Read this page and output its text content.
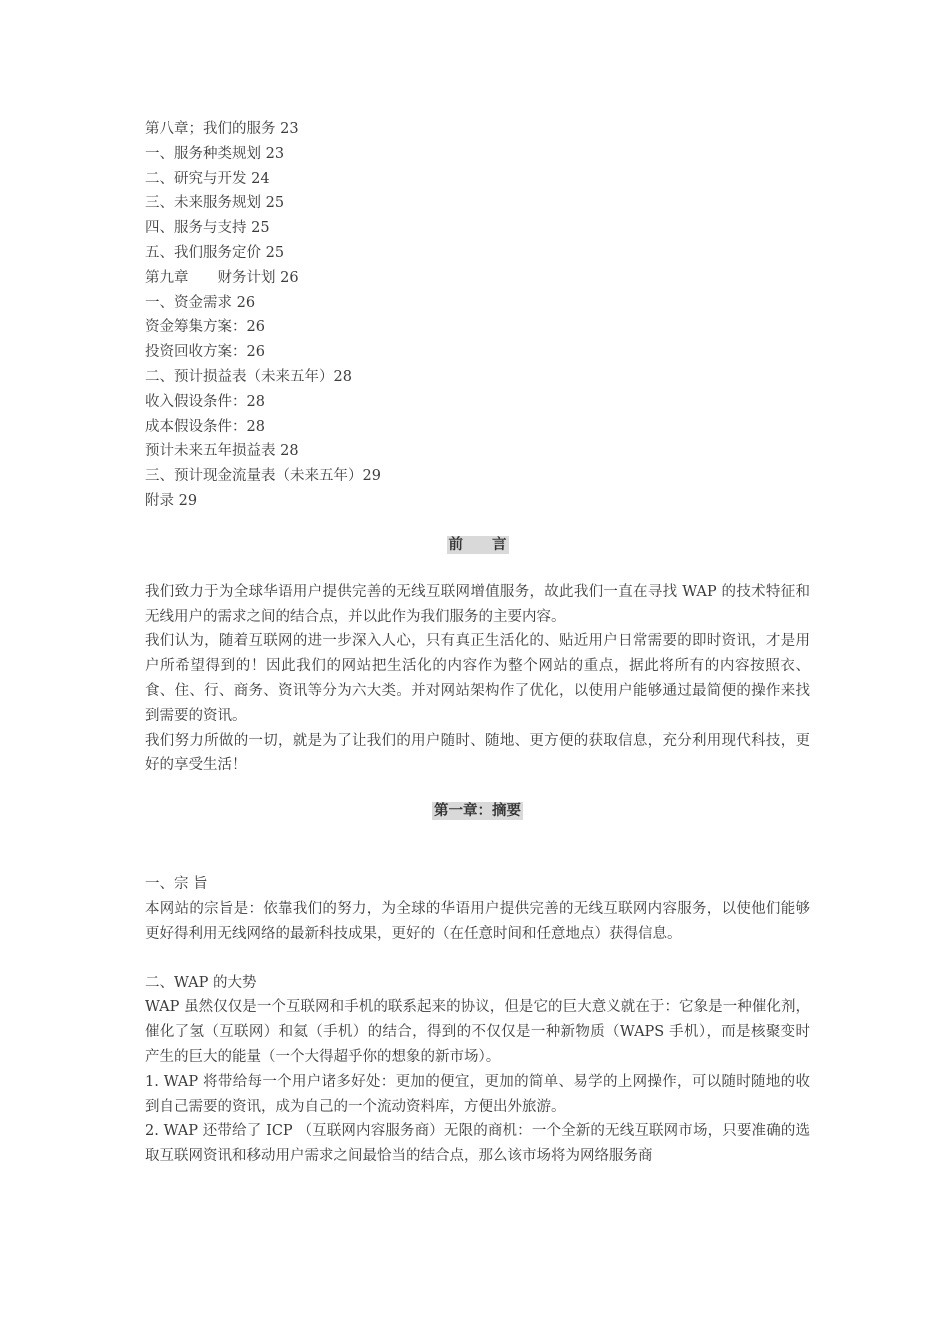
第八章；我们的服务 23
一、服务种类规划 23
二、研究与开发 24
三、未来服务规划 25
四、服务与支持 25
五、我们服务定价 25
第九章　　财务计划 26
一、资金需求 26
资金筹集方案：26
投资回收方案：26
二、预计损益表（未来五年）28
收入假设条件：28
成本假设条件：28
预计未来五年损益表 28
三、预计现金流量表（未来五年）29
附录 29
前　　言

我们致力于为全球华语用户提供完善的无线互联网增值服务，故此我们一直在寻找 WAP 的技术特征和无线用户的需求之间的结合点，并以此作为我们服务的主要内容。

我们认为，随着互联网的进一步深入人心，只有真正生活化的、贴近用户日常需要的即时资讯，才是用户所希望得到的！因此我们的网站把生活化的内容作为整个网站的重点，据此将所有的内容按照衣、食、住、行、商务、资讯等分为六大类。并对网站架构作了优化，以使用户能够通过最简便的操作来找到需要的资讯。

我们努力所做的一切，就是为了让我们的用户随时、随地、更方便的获取信息，充分利用现代科技，更好的享受生活！

第一章：摘要

一、宗 旨

本网站的宗旨是：依靠我们的努力，为全球的华语用户提供完善的无线互联网内容服务，以使他们能够更好得利用无线网络的最新科技成果，更好的（在任意时间和任意地点）获得信息。

二、WAP 的大势

WAP 虽然仅仅是一个互联网和手机的联系起来的协议，但是它的巨大意义就在于：它象是一种催化剂，催化了氢（互联网）和氦（手机）的结合，得到的不仅仅是一种新物质（WAPS 手机），而是核聚变时产生的巨大的能量（一个大得超乎你的想象的新市场）。

1. WAP 将带给每一个用户诸多好处：更加的便宜，更加的简单、易学的上网操作，可以随时随地的收到自己需要的资讯，成为自己的一个流动资料库，方便出外旅游。

2. WAP 还带给了 ICP （互联网内容服务商）无限的商机：一个全新的无线互联网市场，只要准确的选取互联网资讯和移动用户需求之间最恰当的结合点，那么该市场将为网络服务商
